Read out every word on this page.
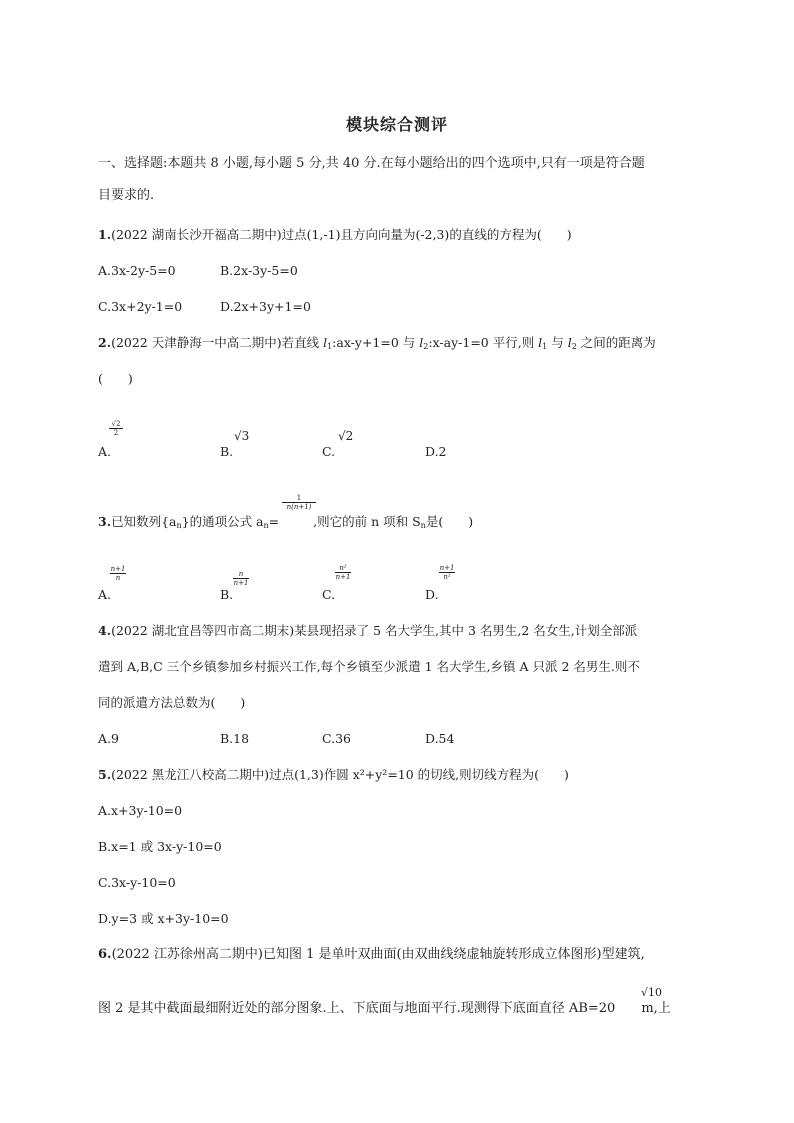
模块综合测评
一、选择题:本题共 8 小题,每小题 5 分,共 40 分.在每小题给出的四个选项中,只有一项是符合题
目要求的.
1.(2022 湖南长沙开福高二期中)过点(1,-1)且方向向量为(-2,3)的直线的方程为(　　)
A.3x-2y-5=0	B.2x-3y-5=0
C.3x+2y-1=0	D.2x+3y+1=0
2.(2022 天津静海一中高二期中)若直线 $l_1:ax-y+1=0$ 与 $l_2:x-ay-1=0$ 平行,则 $l_1$ 与 $l_2$ 之间的距离为
(　　)
A.
$\frac{√2}{2}$
B.
√3
C.
√2
D.2
$\frac{1}{n(n+1)}$
3.已知数列$\{a_n\}$的通项公式 $a_n=$	,则它的前 n 项和 $S_n$是(　　)
A.
$\frac{n+1}{n}$
B.
$\frac{n}{n+1}$
C.
$\frac{\text{n²}}{n+1}$
D.
$\frac{n+1}{\text{n²}}$
4.(2022 湖北宜昌等四市高二期末)某县现招录了 5 名大学生,其中 3 名男生,2 名女生,计划全部派
遣到 A,B,C 三个乡镇参加乡村振兴工作,每个乡镇至少派遣 1 名大学生,乡镇 A 只派 2 名男生.则不
同的派遣方法总数为(　　)
A.9	B.18	C.36	D.54
5.(2022 黑龙江八校高二期中)过点(1,3)作圆 x²+y²=10 的切线,则切线方程为(　　)
A.x+3y-10=0
B.x=1 或 3x-y-10=0
C.3x-y-10=0
D.y=3 或 x+3y-10=0
6.(2022 江苏徐州高二期中)已知图 1 是单叶双曲面(由双曲线绕虚轴旋转形成立体图形)型建筑,
图 2 是其中截面最细附近处的部分图象.上、下底面与地面平行.现测得下底面直径 AB=20 m,上
√10
